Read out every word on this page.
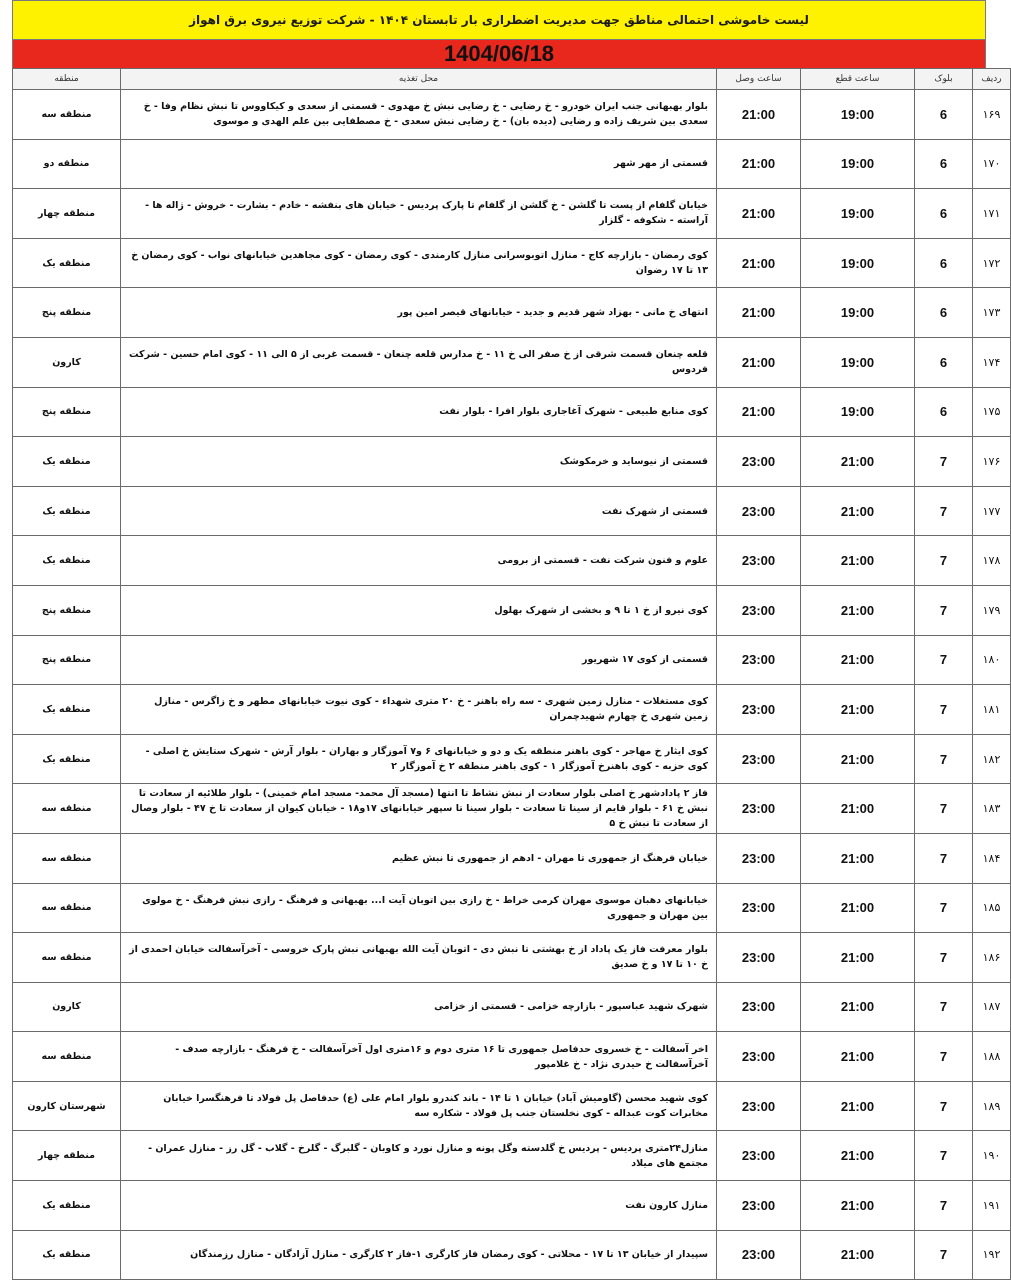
لیست خاموشی احتمالی مناطق جهت مدیریت اضطراری بار تابستان ۱۴۰۴ - شرکت توزیع نیروی برق اهواز
1404/06/18
ردیف	بلوک	ساعت قطع	ساعت وصل	محل تغذیه	منطقه
۱۶۹	6	19:00	21:00	بلوار بهبهانی جنب ایران خودرو - خ رضایی - خ رضایی نبش خ مهدوی - قسمتی از سعدی و کیکاووس تا نبش نظام وفا - خ سعدی بین شریف زاده و رضایی (دیده بان) - خ رضایی نبش سعدی - خ مصطفایی بین علم الهدی و موسوی	منطقه سه
۱۷۰	6	19:00	21:00	قسمتی از مهر شهر	منطقه دو
۱۷۱	6	19:00	21:00	خیابان گلفام از پست تا گلشن - خ گلشن از گلفام تا پارک پردیس - خیابان های بنفشه - خادم - بشارت - خروش - ژاله ها - آراسته - شکوفه - گلزار	منطقه چهار
۱۷۲	6	19:00	21:00	کوی رمضان - بازارچه کاج - منازل اتوبوسرانی منازل کارمندی - کوی رمضان - کوی مجاهدین خیابانهای نواب - کوی رمضان خ ۱۳ تا ۱۷ رضوان	منطقه یک
۱۷۳	6	19:00	21:00	انتهای خ مانی - بهزاد شهر قدیم و جدید - خیابانهای قیصر امین پور	منطقه پنج
۱۷۴	6	19:00	21:00	قلعه چنعان قسمت شرقی از خ صفر الی خ ۱۱ - خ مدارس قلعه چنعان - قسمت غربی از ۵ الی ۱۱ - کوی امام حسین - شرکت فردوس	کارون
۱۷۵	6	19:00	21:00	کوی منابع طبیعی - شهرک آغاجاری بلوار افرا - بلوار نفت	منطقه پنج
۱۷۶	7	21:00	23:00	قسمتی از نیوساید و خرمکوشک	منطقه یک
۱۷۷	7	21:00	23:00	قسمتی از شهرک نفت	منطقه یک
۱۷۸	7	21:00	23:00	علوم و فنون شرکت نفت - قسمتی از برومی	منطقه یک
۱۷۹	7	21:00	23:00	کوی نیرو از خ ۱ تا ۹ و بخشی از شهرک بهلول	منطقه پنج
۱۸۰	7	21:00	23:00	قسمتی از کوی ۱۷ شهریور	منطقه پنج
۱۸۱	7	21:00	23:00	کوی مستغلات - منازل زمین شهری - سه راه باهنر - خ ۲۰ متری شهداء - کوی نیوت خیابانهای مطهر و خ زاگرس - منازل زمین شهری خ چهارم شهیدچمران	منطقه یک
۱۸۲	7	21:00	23:00	کوی ایثار خ مهاجر - کوی باهنر منطقه یک و دو و خیابانهای ۶ و۷ آموزگار و بهاران - بلوار آرش - شهرک ستایش خ اصلی - کوی حزبه - کوی باهنرخ آموزگار ۱ - کوی باهنر منطقه ۲ خ آموزگار ۲	منطقه یک
۱۸۳	7	21:00	23:00	فاز ۲ پادادشهر خ اصلی بلوار سعادت از نبش نشاط تا انتها (مسجد آل محمد- مسجد امام خمینی) - بلوار طلائیه از سعادت تا نبش خ ۶۱ - بلوار قایم از سینا تا سعادت - بلوار سینا تا سپهر خیابانهای ۱۷و۱۸ - خیابان کیوان از سعادت تا خ ۴۷ - بلوار وصال از سعادت تا نبش خ ۵	منطقه سه
۱۸۴	7	21:00	23:00	خیابان فرهنگ از جمهوری تا مهران - ادهم از جمهوری تا نبش عظیم	منطقه سه
۱۸۵	7	21:00	23:00	خیابانهای دهبان موسوی مهران کرمی خراط - خ رازی بین اتوبان آیت ا... بهبهانی و فرهنگ - رازی نبش فرهنگ - خ مولوی بین مهران و جمهوری	منطقه سه
۱۸۶	7	21:00	23:00	بلوار معرفت فاز یک پاداد از خ بهشتی تا نبش دی - اتوبان آیت الله بهبهانی نبش پارک خروسی - آخرآسفالت خیابان احمدی از خ ۱۰ تا ۱۷ و خ صدیق	منطقه سه
۱۸۷	7	21:00	23:00	شهرک شهید عباسپور - بازارچه خزامی - قسمتی از خزامی	کارون
۱۸۸	7	21:00	23:00	اخر آسفالت - خ خسروی حدفاصل جمهوری تا ۱۶ متری دوم و ۱۶متری اول آخرآسفالت - خ فرهنگ - بازارچه صدف - آخرآسفالت خ حیدری نژاد - خ غلامپور	منطقه سه
۱۸۹	7	21:00	23:00	کوی شهید محسن (گاومیش آباد) خیابان ۱ تا ۱۴ - باند کندرو بلوار امام علی (ع) حدفاصل پل فولاد تا فرهنگسرا خیابان مخابرات کوت عبداله - کوی نخلستان جنب پل فولاد - شکاره سه	شهرستان کارون
۱۹۰	7	21:00	23:00	منازل۲۴متری پردیس - پردیس خ گلدسته وگل پونه و منازل نورد و کاوبان - گلبرگ - گلرخ - گلاب - گل رز - منازل عمران - مجتمع های میلاد	منطقه چهار
۱۹۱	7	21:00	23:00	منازل کارون نفت	منطقه یک
۱۹۲	7	21:00	23:00	سپیدار از خیابان ۱۳ تا ۱۷ - محلاتی - کوی رمضان فاز کارگری ۱-فاز ۲ کارگری - منازل آزادگان - منازل رزمندگان	منطقه یک
